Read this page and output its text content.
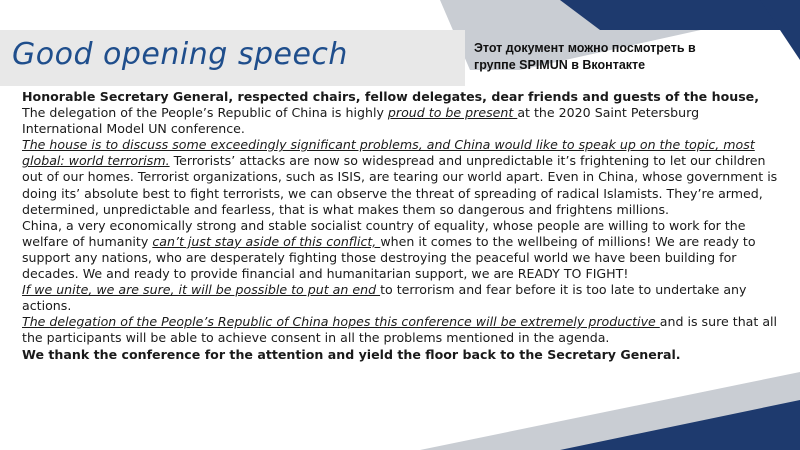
Good opening speech	Этот документ можно посмотреть в
группе SPIMUN в Вконтакте

Honorable Secretary General, respected chairs, fellow delegates, dear friends and guests of the house,

The delegation of the People’s Republic of China is highly proud to be present at the 2020 Saint Petersburg International Model UN conference.

The house is to discuss some exceedingly significant problems, and China would like to speak up on the topic, most global: world terrorism. Terrorists’ attacks are now so widespread and unpredictable it’s frightening to let our children out of our homes. Terrorist organizations, such as ISIS, are tearing our world apart. Even in China, whose government is doing its’ absolute best to fight terrorists, we can observe the threat of spreading of radical Islamists. They’re armed, determined, unpredictable and fearless, that is what makes them so dangerous and frightens millions.

China, a very economically strong and stable socialist country of equality, whose people are willing to work for the welfare of humanity can’t just stay aside of this conflict, when it comes to the wellbeing of millions! We are ready to support any nations, who are desperately fighting those destroying the peaceful world we have been building for decades. We and ready to provide financial and humanitarian support, we are READY TO FIGHT!

If we unite, we are sure, it will be possible to put an end to terrorism and fear before it is too late to undertake any actions.

The delegation of the People’s Republic of China hopes this conference will be extremely productive and is sure that all the participants will be able to achieve consent in all the problems mentioned in the agenda.

We thank the conference for the attention and yield the floor back to the Secretary General.
